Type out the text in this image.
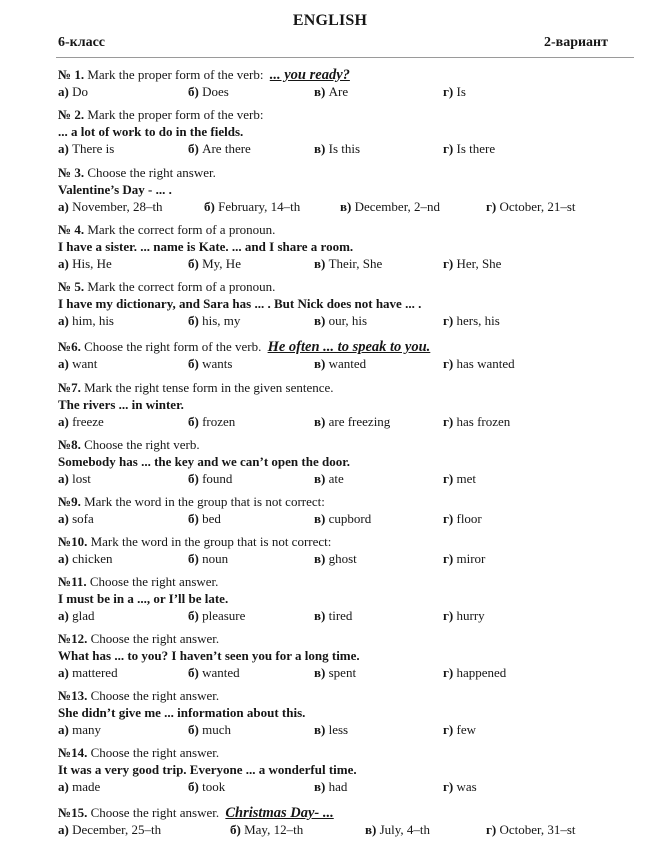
ENGLISH
6-класс	2-вариант
№ 1. Mark the proper form of the verb: ... you ready?
а) Do	б) Does	в) Are	г) Is
№ 2. Mark the proper form of the verb:
... a lot of work to do in the fields.
а) There is	б) Are there	в) Is this	г) Is there
№ 3. Choose the right answer.
Valentine’s Day - ... .
а) November, 28–th	б) February, 14–th	в) December, 2–nd	г) October, 21–st
№ 4. Mark the correct form of a pronoun.
I have a sister. ... name is Kate. ... and I share a room.
а) His, He	б) My, He	в) Their, She	г) Her, She
№ 5. Mark the correct form of a pronoun.
I have my dictionary, and Sara has ... . But Nick does not have ... .
а) him, his	б) his, my	в) our, his	г) hers, his
№6. Choose the right form of the verb. He often ... to speak to you.
а) want	б) wants	в) wanted	г) has wanted
№7. Mark the right tense form in the given sentence.
The rivers ... in winter.
а) freeze	б) frozen	в) are freezing	г) has frozen
№8. Choose the right verb.
Somebody has ... the key and we can’t open the door.
а) lost	б) found	в) ate	г) met
№9. Mark the word in the group that is not correct:
а) sofa	б) bed	в) cupbord	г) floor
№10. Mark the word in the group that is not correct:
а) chicken	б) noun	в) ghost	г) miror
№11. Choose the right answer.
I must be in a ..., or I’ll be late.
а) glad	б) pleasure	в) tired	г) hurry
№12. Choose the right answer.
What has ... to you? I haven’t seen you for a long time.
а) mattered	б) wanted	в) spent	г) happened
№13. Choose the right answer.
She didn’t give me ... information about this.
а) many	б) much	в) less	г) few
№14. Choose the right answer.
It was a very good trip. Everyone ... a wonderful time.
а) made	б) took	в) had	г) was
№15. Choose the right answer. Christmas Day- ...
а) December, 25–th	б) May, 12–th	в) July, 4–th	г) October, 31–st
